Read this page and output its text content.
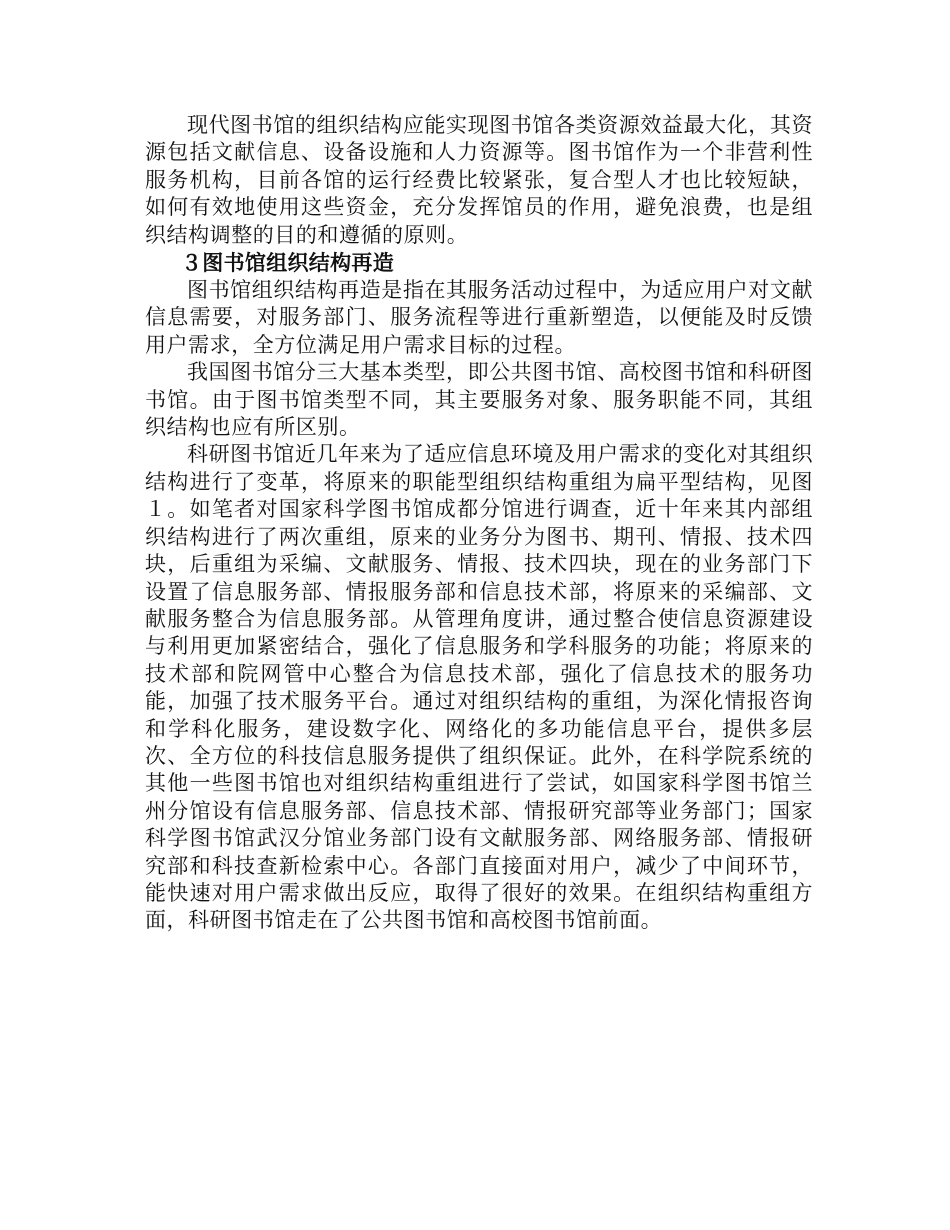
现代图书馆的组织结构应能实现图书馆各类资源效益最大化，其资源包括文献信息、设备设施和人力资源等。图书馆作为一个非营利性服务机构，目前各馆的运行经费比较紧张，复合型人才也比较短缺，如何有效地使用这些资金，充分发挥馆员的作用，避免浪费，也是组织结构调整的目的和遵循的原则。

３图书馆组织结构再造

图书馆组织结构再造是指在其服务活动过程中，为适应用户对文献信息需要，对服务部门、服务流程等进行重新塑造，以便能及时反馈用户需求，全方位满足用户需求目标的过程。

我国图书馆分三大基本类型，即公共图书馆、高校图书馆和科研图书馆。由于图书馆类型不同，其主要服务对象、服务职能不同，其组织结构也应有所区别。

科研图书馆近几年来为了适应信息环境及用户需求的变化对其组织结构进行了变革，将原来的职能型组织结构重组为扁平型结构，见图１。如笔者对国家科学图书馆成都分馆进行调查，近十年来其内部组织结构进行了两次重组，原来的业务分为图书、期刊、情报、技术四块，后重组为采编、文献服务、情报、技术四块，现在的业务部门下设置了信息服务部、情报服务部和信息技术部，将原来的采编部、文献服务整合为信息服务部。从管理角度讲，通过整合使信息资源建设与利用更加紧密结合，强化了信息服务和学科服务的功能；将原来的技术部和院网管中心整合为信息技术部，强化了信息技术的服务功能，加强了技术服务平台。通过对组织结构的重组，为深化情报咨询和学科化服务，建设数字化、网络化的多功能信息平台，提供多层次、全方位的科技信息服务提供了组织保证。此外，在科学院系统的其他一些图书馆也对组织结构重组进行了尝试，如国家科学图书馆兰州分馆设有信息服务部、信息技术部、情报研究部等业务部门；国家科学图书馆武汉分馆业务部门设有文献服务部、网络服务部、情报研究部和科技查新检索中心。各部门直接面对用户，减少了中间环节，能快速对用户需求做出反应，取得了很好的效果。在组织结构重组方面，科研图书馆走在了公共图书馆和高校图书馆前面。
